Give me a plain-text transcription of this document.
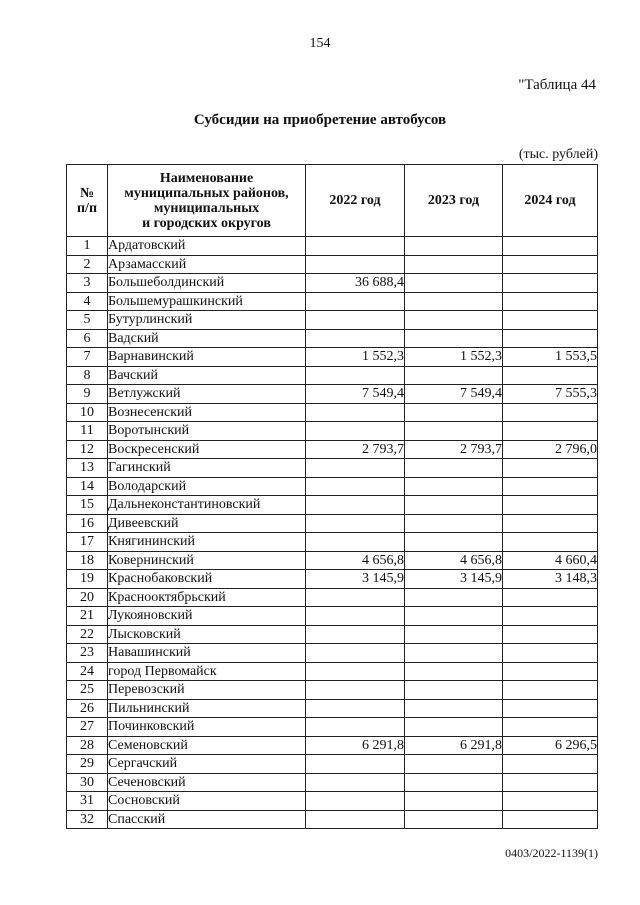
154
"Таблица 44
Субсидии на приобретение автобусов
(тыс. рублей)
№
п/п	Наименование
муниципальных районов,
муниципальных
и городских округов	2022 год	2023 год	2024 год
1	Ардатовский			
2	Арзамасский			
3	Большеболдинский	36 688,4		
4	Большемурашкинский			
5	Бутурлинский			
6	Вадский			
7	Варнавинский	1 552,3	1 552,3	1 553,5
8	Вачский			
9	Ветлужский	7 549,4	7 549,4	7 555,3
10	Вознесенский			
11	Воротынский			
12	Воскресенский	2 793,7	2 793,7	2 796,0
13	Гагинский			
14	Володарский			
15	Дальнеконстантиновский			
16	Дивеевский			
17	Княгининский			
18	Ковернинский	4 656,8	4 656,8	4 660,4
19	Краснобаковский	3 145,9	3 145,9	3 148,3
20	Краснооктябрьский			
21	Лукояновский			
22	Лысковский			
23	Навашинский			
24	город Первомайск			
25	Перевозский			
26	Пильнинский			
27	Починковский			
28	Семеновский	6 291,8	6 291,8	6 296,5
29	Сергачский			
30	Сеченовский			
31	Сосновский			
32	Спасский			
0403/2022-1139(1)
